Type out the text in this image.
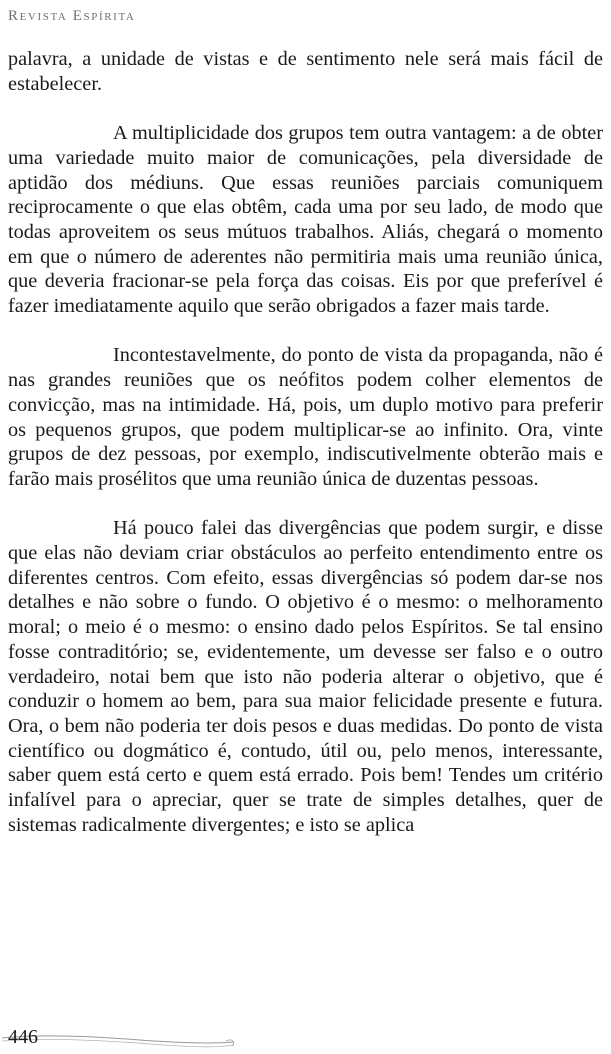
Revista Espírita

palavra, a unidade de vistas e de sentimento nele será mais fácil de estabelecer.

A multiplicidade dos grupos tem outra vantagem: a de obter uma variedade muito maior de comunicações, pela diversidade de aptidão dos médiuns. Que essas reuniões parciais comuniquem reciprocamente o que elas obtêm, cada uma por seu lado, de modo que todas aproveitem os seus mútuos trabalhos. Aliás, chegará o momento em que o número de aderentes não permitiria mais uma reunião única, que deveria fracionar-se pela força das coisas. Eis por que preferível é fazer imediatamente aquilo que serão obrigados a fazer mais tarde.

Incontestavelmente, do ponto de vista da propaganda, não é nas grandes reuniões que os neófitos podem colher elementos de convicção, mas na intimidade. Há, pois, um duplo motivo para preferir os pequenos grupos, que podem multiplicar-se ao infinito. Ora, vinte grupos de dez pessoas, por exemplo, indiscutivelmente obterão mais e farão mais prosélitos que uma reunião única de duzentas pessoas.

Há pouco falei das divergências que podem surgir, e disse que elas não deviam criar obstáculos ao perfeito entendimento entre os diferentes centros. Com efeito, essas divergências só podem dar-se nos detalhes e não sobre o fundo. O objetivo é o mesmo: o melhoramento moral; o meio é o mesmo: o ensino dado pelos Espíritos. Se tal ensino fosse contraditório; se, evidentemente, um devesse ser falso e o outro verdadeiro, notai bem que isto não poderia alterar o objetivo, que é conduzir o homem ao bem, para sua maior felicidade presente e futura. Ora, o bem não poderia ter dois pesos e duas medidas. Do ponto de vista científico ou dogmático é, contudo, útil ou, pelo menos, interessante, saber quem está certo e quem está errado. Pois bem! Tendes um critério infalível para o apreciar, quer se trate de simples detalhes, quer de sistemas radicalmente divergentes; e isto se aplica

446
